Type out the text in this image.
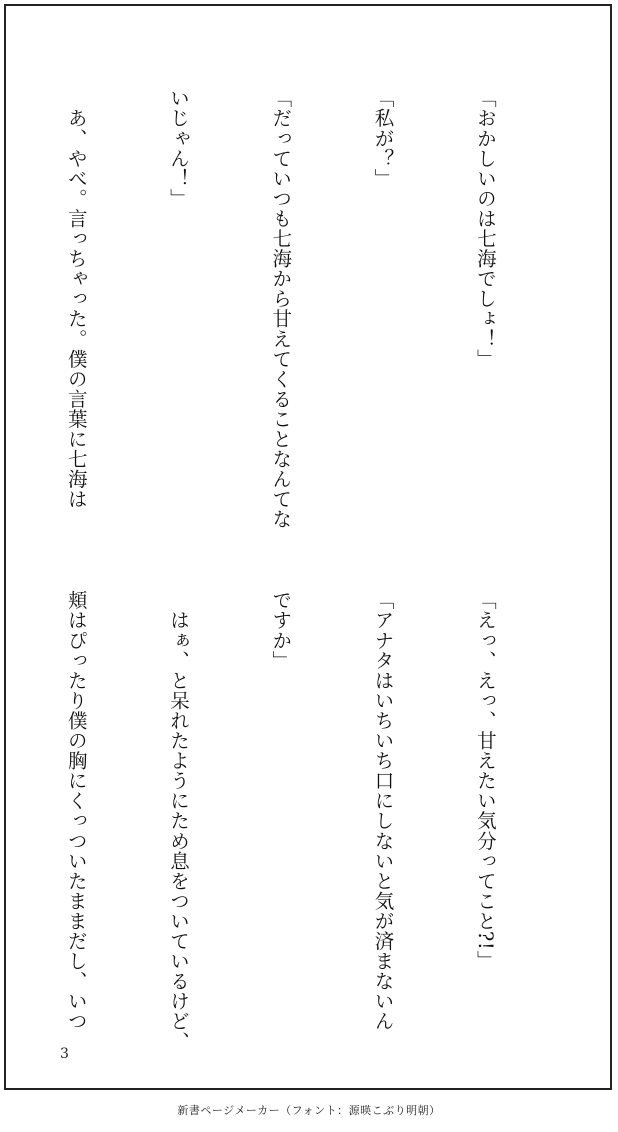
「おかしいのは七海でしょ！」

「私が？」

「だっていつも七海から甘えてくることなんてな

いじゃん！」

　あ、やべ。言っちゃった。僕の言葉に七海は

「えっ、えっ、甘えたい気分ってこと?!」

「アナタはいちいち口にしないと気が済まないん

ですか」

　はぁ、と呆れたようにため息をついているけど、

頬はぴったり僕の胸にくっついたままだし、いつ

3
新書ページメーカー（フォント：源暎こぶり明朝）
